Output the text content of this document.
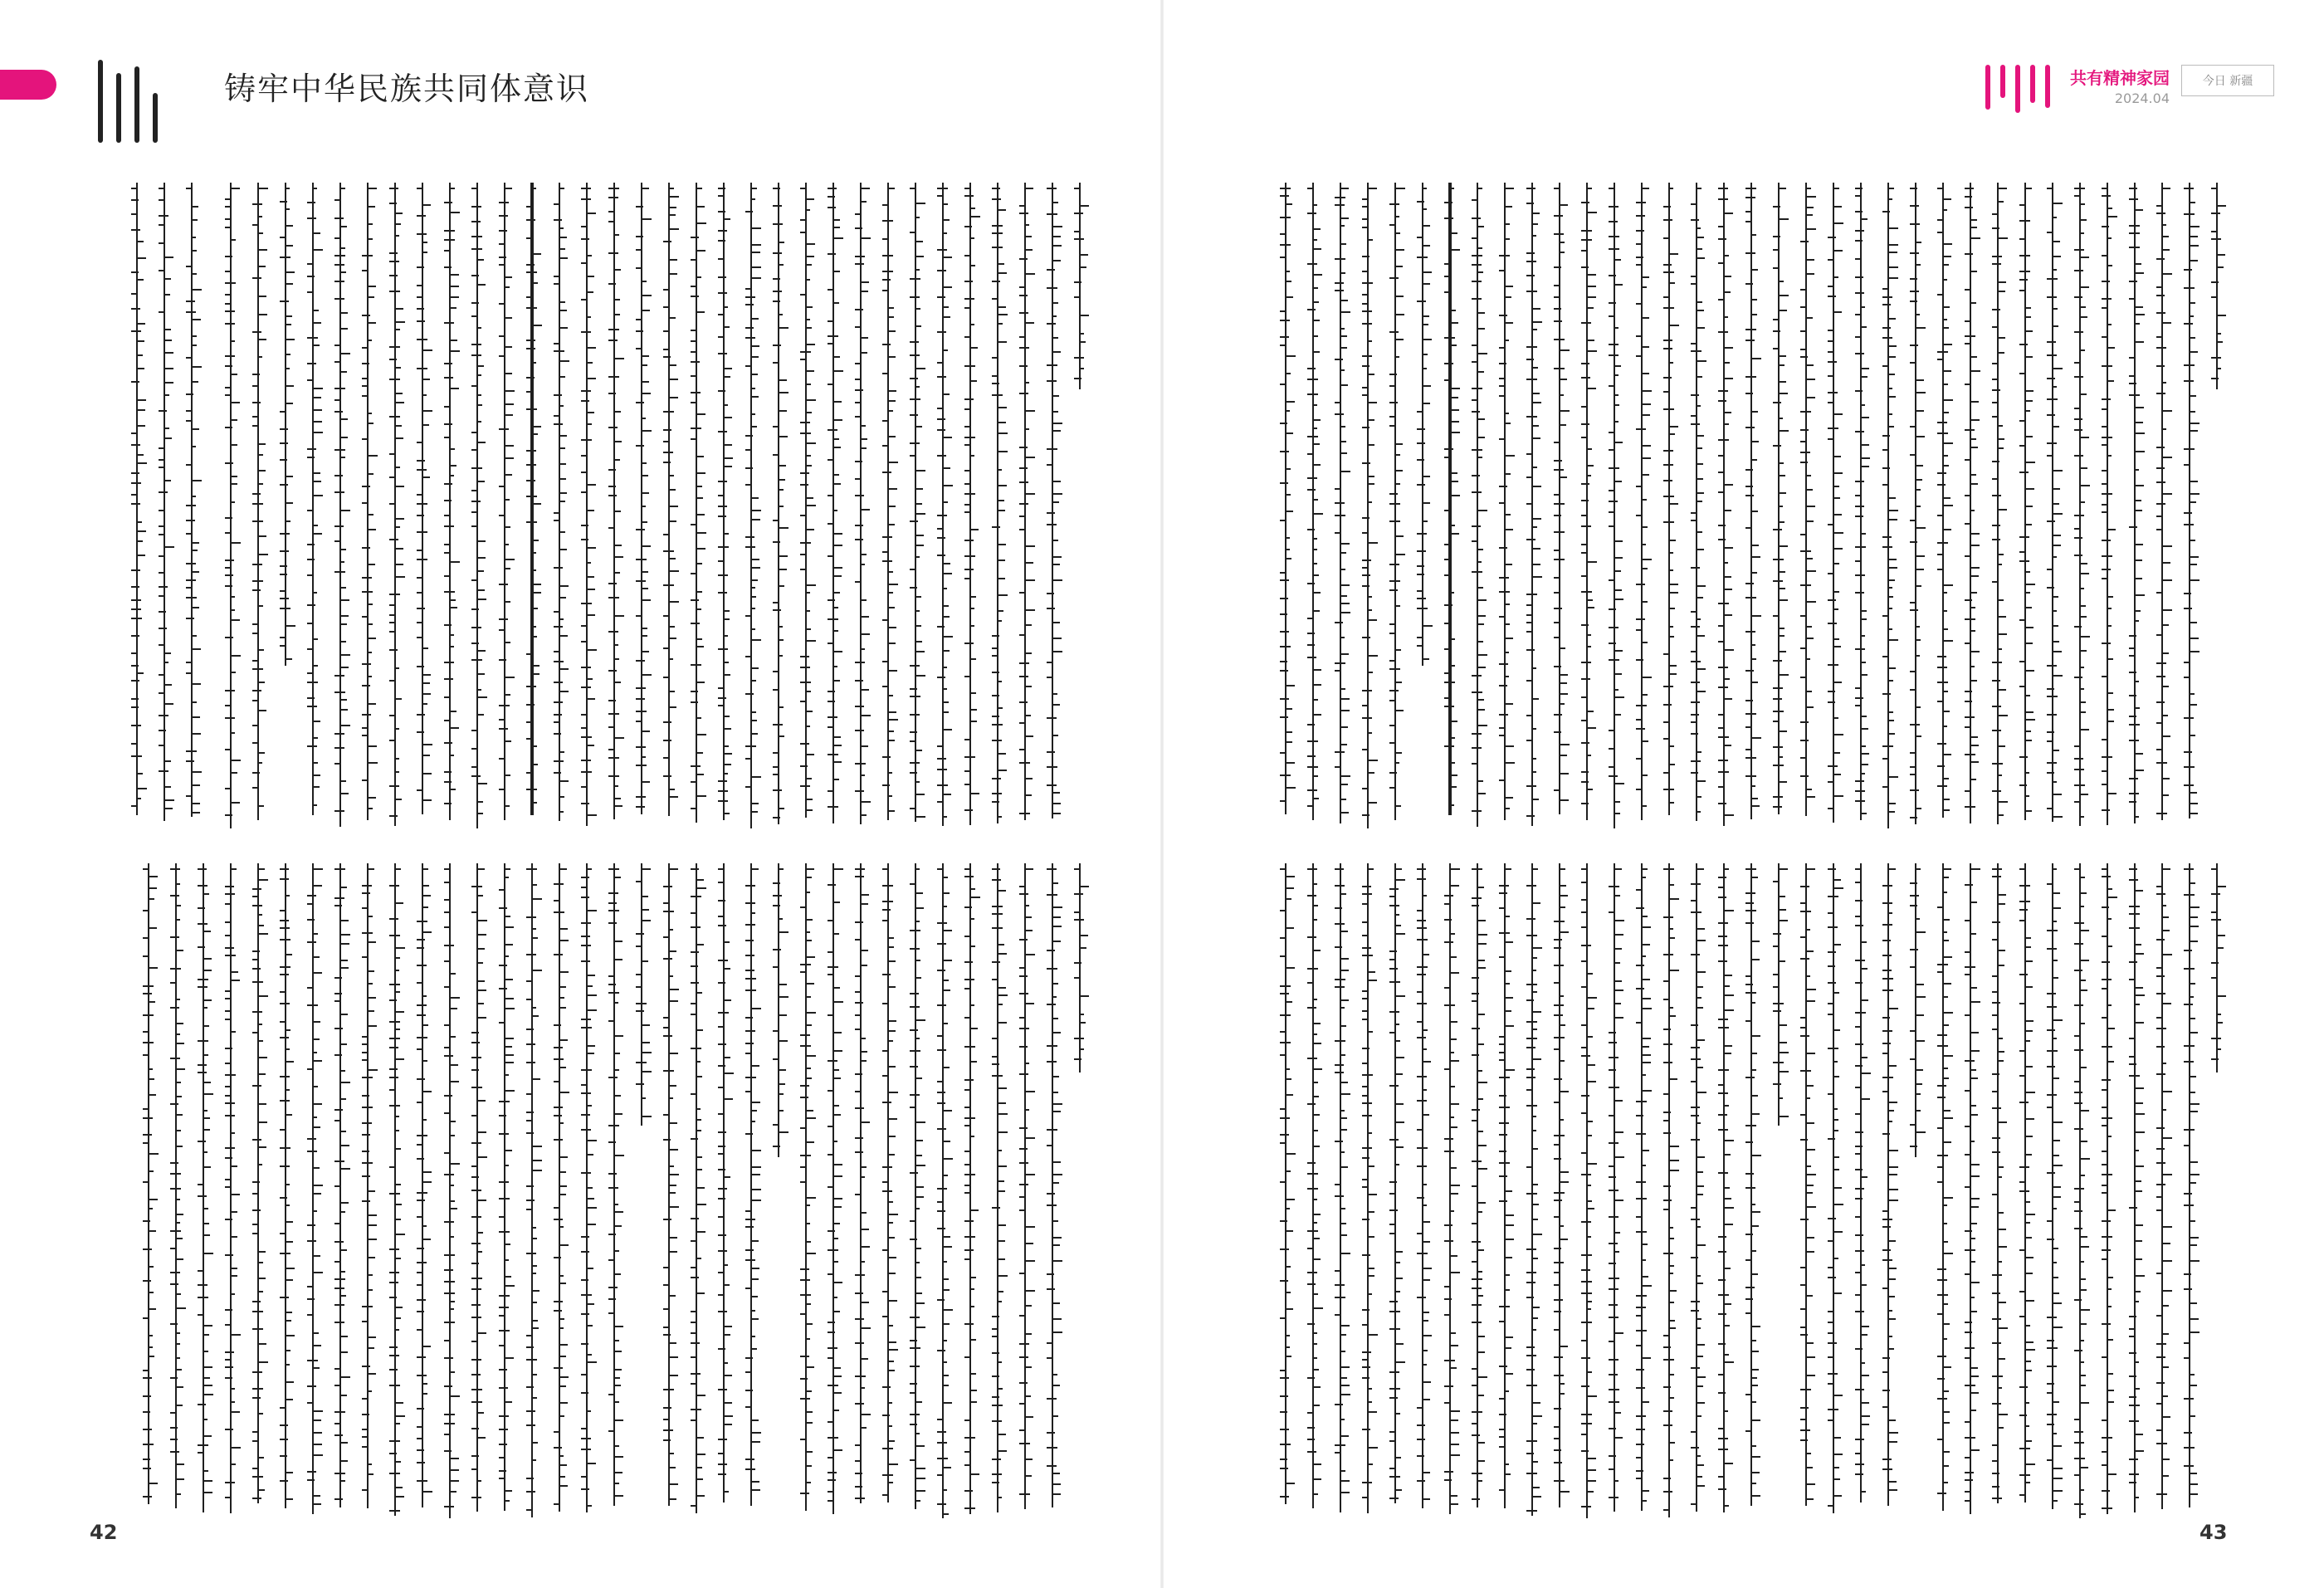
铸牢中华民族共同体意识
42
共有精神家园
2024.04
今日 新疆
43
